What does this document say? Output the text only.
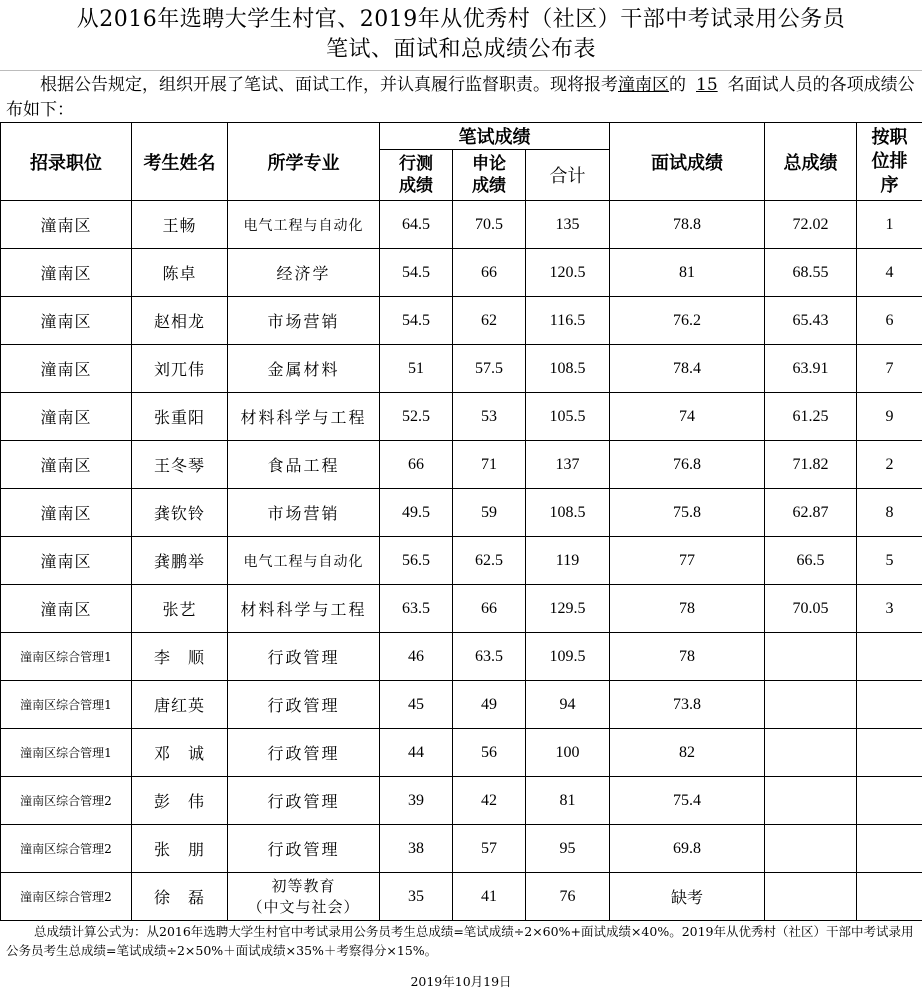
从2016年选聘大学生村官、2019年从优秀村（社区）干部中考试录用公务员
笔试、面试和总成绩公布表
根据公告规定，组织开展了笔试、面试工作，并认真履行监督职责。现将报考潼南区的 15 名面试人员的各项成绩公布如下：
招录职位	考生姓名	所学专业	笔试成绩			面试成绩	总成绩	按职位排序

			行测成绩	申论成绩	合计			
潼南区	王畅	电气工程与自动化	64.5	70.5	135	78.8	72.02	1
潼南区	陈卓	经济学	54.5	66	120.5	81	68.55	4
潼南区	赵相龙	市场营销	54.5	62	116.5	76.2	65.43	6
潼南区	刘兀伟	金属材料	51	57.5	108.5	78.4	63.91	7
潼南区	张重阳	材料科学与工程	52.5	53	105.5	74	61.25	9
潼南区	王冬琴	食品工程	66	71	137	76.8	71.82	2
潼南区	龚钦铃	市场营销	49.5	59	108.5	75.8	62.87	8
潼南区	龚鹏举	电气工程与自动化	56.5	62.5	119	77	66.5	5
潼南区	张艺	材料科学与工程	63.5	66	129.5	78	70.05	3
潼南区综合管理1	李　顺	行政管理	46	63.5	109.5	78		
潼南区综合管理1	唐红英	行政管理	45	49	94	73.8		
潼南区综合管理1	邓　诚	行政管理	44	56	100	82		
潼南区综合管理2	彭　伟	行政管理	39	42	81	75.4		
潼南区综合管理2	张　朋	行政管理	38	57	95	69.8		
潼南区综合管理2	徐　磊	初等教育
（中文与社会）	35	41	76	缺考		
总成绩计算公式为：从2016年选聘大学生村官中考试录用公务员考生总成绩=笔试成绩÷2×60%+面试成绩×40%。2019年从优秀村（社区）干部中考试录用公务员考生总成绩=笔试成绩÷2×50%＋面试成绩×35%＋考察得分×15%。
2019年10月19日
